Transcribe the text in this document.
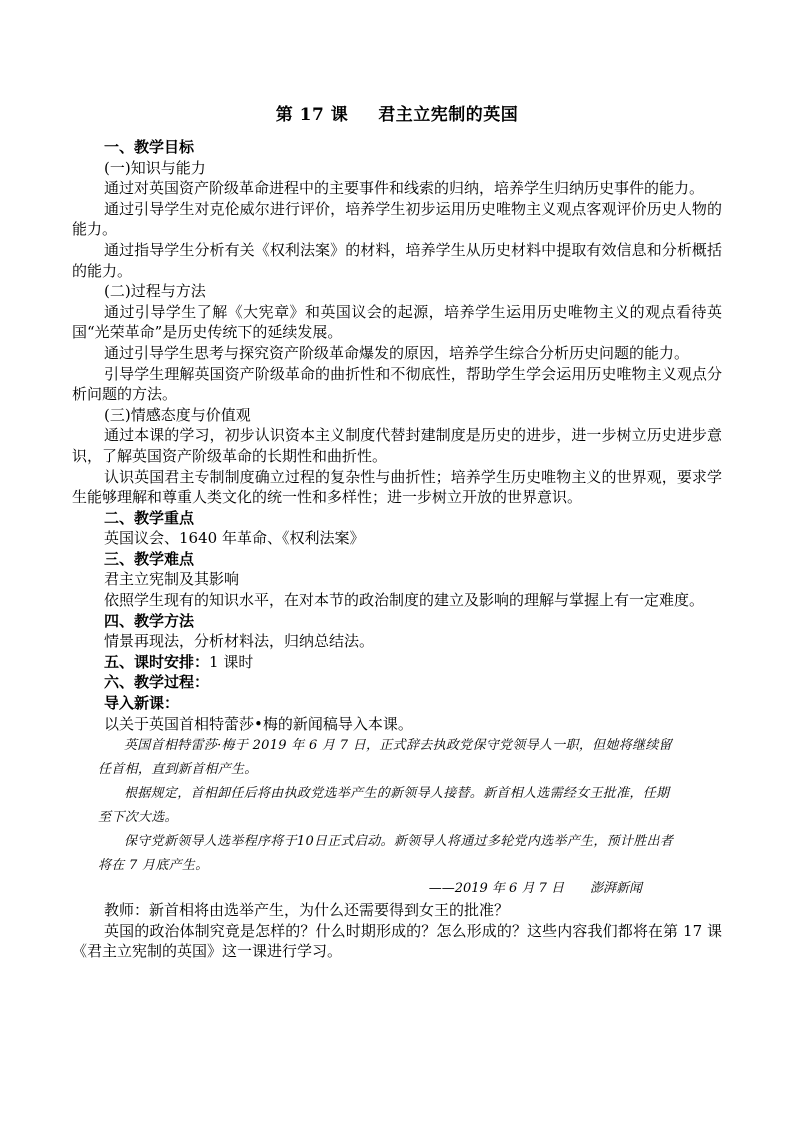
第 17 课 君主立宪制的英国

一、教学目标

(一)知识与能力

通过对英国资产阶级革命进程中的主要事件和线索的归纳，培养学生归纳历史事件的能力。

通过引导学生对克伦威尔进行评价，培养学生初步运用历史唯物主义观点客观评价历史人物的能力。

通过指导学生分析有关《权利法案》的材料，培养学生从历史材料中提取有效信息和分析概括的能力。

(二)过程与方法

通过引导学生了解《大宪章》和英国议会的起源，培养学生运用历史唯物主义的观点看待英国“光荣革命”是历史传统下的延续发展。

通过引导学生思考与探究资产阶级革命爆发的原因，培养学生综合分析历史问题的能力。

引导学生理解英国资产阶级革命的曲折性和不彻底性，帮助学生学会运用历史唯物主义观点分析问题的方法。

(三)情感态度与价值观

通过本课的学习，初步认识资本主义制度代替封建制度是历史的进步，进一步树立历史进步意识，了解英国资产阶级革命的长期性和曲折性。

认识英国君主专制制度确立过程的复杂性与曲折性；培养学生历史唯物主义的世界观，要求学生能够理解和尊重人类文化的统一性和多样性；进一步树立开放的世界意识。

二、教学重点

英国议会、1640 年革命、《权利法案》

三、教学难点

君主立宪制及其影响

依照学生现有的知识水平，在对本节的政治制度的建立及影响的理解与掌握上有一定难度。

四、教学方法

情景再现法，分析材料法，归纳总结法。

五、课时安排：1 课时

六、教学过程：

导入新课：

以关于英国首相特蕾莎•梅的新闻稿导入本课。

英国首相特雷莎·梅于 2019 年 6 月 7 日，正式辞去执政党保守党领导人一职，但她将继续留任首相，直到新首相产生。

根据规定，首相卸任后将由执政党选举产生的新领导人接替。新首相人选需经女王批准，任期至下次大选。

保守党新领导人选举程序将于10日正式启动。新领导人将通过多轮党内选举产生，预计胜出者将在 7 月底产生。

——2019 年 6 月 7 日　　澎湃新闻

教师：新首相将由选举产生，为什么还需要得到女王的批准？

英国的政治体制究竟是怎样的？什么时期形成的？怎么形成的？这些内容我们都将在第 17 课《君主立宪制的英国》这一课进行学习。
